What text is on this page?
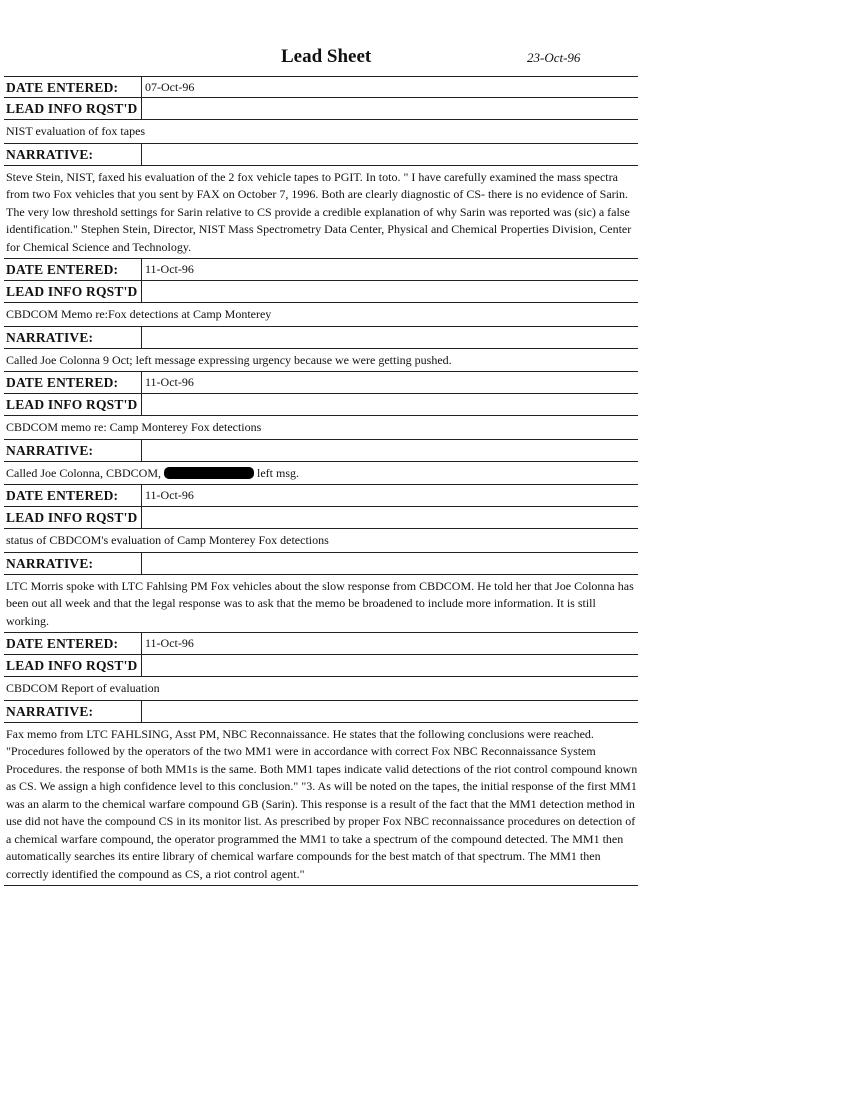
Lead Sheet	23-Oct-96
DATE ENTERED:	07-Oct-96
LEAD INFO RQST'D
NIST evaluation of fox tapes
NARRATIVE:
Steve Stein, NIST, faxed his evaluation of the 2 fox vehicle tapes to PGIT. In toto. " I have carefully examined the mass spectra from two Fox vehicles that you sent by FAX on October 7, 1996. Both are clearly diagnostic of CS- there is no evidence of Sarin. The very low threshold settings for Sarin relative to CS provide a credible explanation of why Sarin was reported was (sic) a false identification." Stephen Stein, Director, NIST Mass Spectrometry Data Center, Physical and Chemical Properties Division, Center for Chemical Science and Technology.
DATE ENTERED:	11-Oct-96
LEAD INFO RQST'D
CBDCOM Memo re:Fox detections at Camp Monterey
NARRATIVE:
Called Joe Colonna 9 Oct; left message expressing urgency because we were getting pushed.
DATE ENTERED:	11-Oct-96
LEAD INFO RQST'D
CBDCOM memo re: Camp Monterey Fox detections
NARRATIVE:
Called Joe Colonna, CBDCOM,	left msg.
DATE ENTERED:	11-Oct-96
LEAD INFO RQST'D
status of CBDCOM's evaluation of Camp Monterey Fox detections
NARRATIVE:
LTC Morris spoke with LTC Fahlsing PM Fox vehicles about the slow response from CBDCOM. He told her that Joe Colonna has been out all week and that the legal response was to ask that the memo be broadened to include more information. It is still working.
DATE ENTERED:	11-Oct-96
LEAD INFO RQST'D
CBDCOM Report of evaluation
NARRATIVE:
Fax memo from LTC FAHLSING, Asst PM, NBC Reconnaissance. He states that the following conclusions were reached. "Procedures followed by the operators of the two MM1 were in accordance with correct Fox NBC Reconnaissance System Procedures. the response of both MM1s is the same. Both MM1 tapes indicate valid detections of the riot control compound known as CS. We assign a high confidence level to this conclusion." "3. As will be noted on the tapes, the initial response of the first MM1 was an alarm to the chemical warfare compound GB (Sarin). This response is a result of the fact that the MM1 detection method in use did not have the compound CS in its monitor list. As prescribed by proper Fox NBC reconnaissance procedures on detection of a chemical warfare compound, the operator programmed the MM1 to take a spectrum of the compound detected. The MM1 then automatically searches its entire library of chemical warfare compounds for the best match of that spectrum. The MM1 then correctly identified the compound as CS, a riot control agent."
